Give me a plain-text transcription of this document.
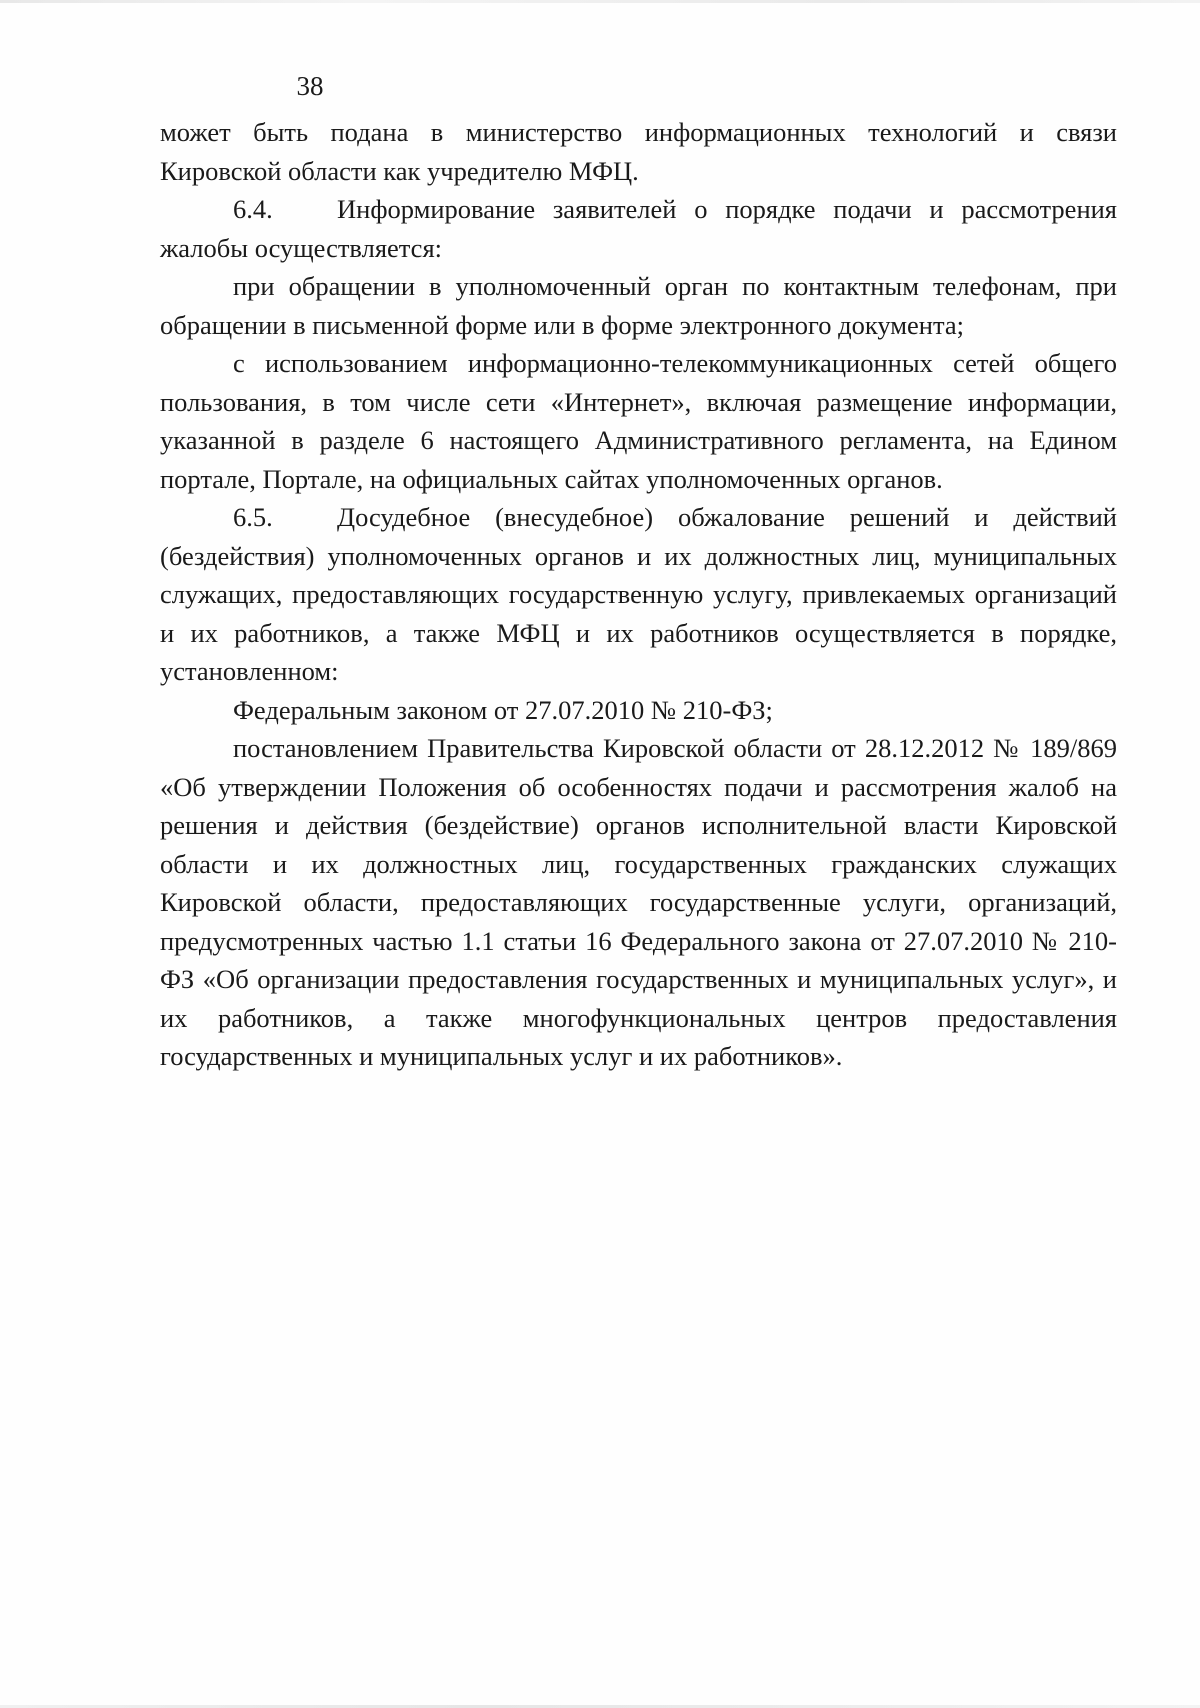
38

может быть подана в министерство информационных технологий и связи Кировской области как учредителю МФЦ.

6.4. Информирование заявителей о порядке подачи и рассмотрения жалобы осуществляется:

при обращении в уполномоченный орган по контактным телефонам, при обращении в письменной форме или в форме электронного документа;

с использованием информационно-телекоммуникационных сетей общего пользования, в том числе сети «Интернет», включая размещение информации, указанной в разделе 6 настоящего Административного регламента, на Едином портале, Портале, на официальных сайтах уполномоченных органов.

6.5. Досудебное (внесудебное) обжалование решений и действий (бездействия) уполномоченных органов и их должностных лиц, муниципальных служащих, предоставляющих государственную услугу, привлекаемых организаций и их работников, а также МФЦ и их работников осуществляется в порядке, установленном:

Федеральным законом от 27.07.2010 № 210-ФЗ;

постановлением Правительства Кировской области от 28.12.2012 № 189/869 «Об утверждении Положения об особенностях подачи и рассмотрения жалоб на решения и действия (бездействие) органов исполнительной власти Кировской области и их должностных лиц, государственных гражданских служащих Кировской области, предоставляющих государственные услуги, организаций, предусмотренных частью 1.1 статьи 16 Федерального закона от 27.07.2010 № 210-ФЗ «Об организации предоставления государственных и муниципальных услуг», и их работников, а также многофункциональных центров предоставления государственных и муниципальных услуг и их работников».
